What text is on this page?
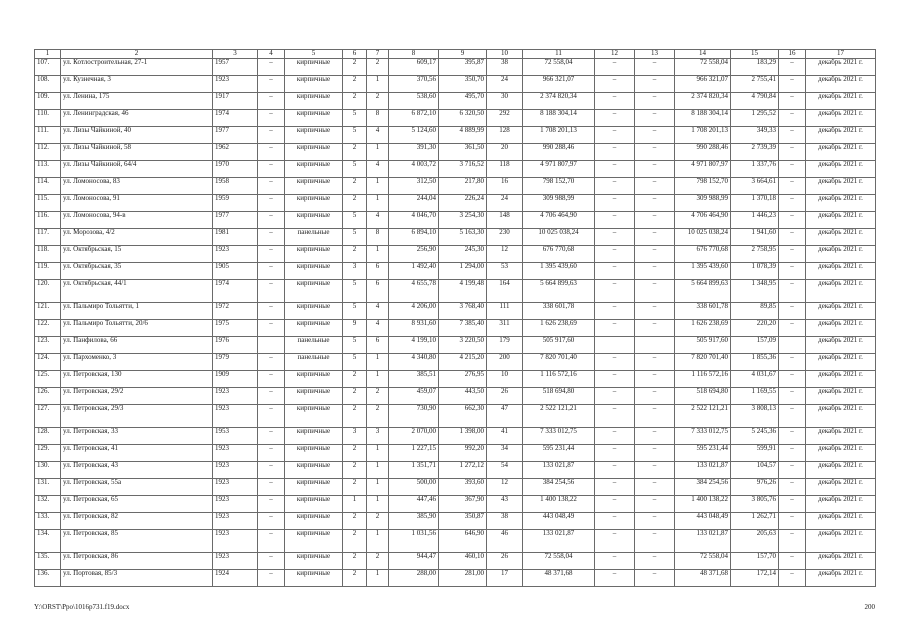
1	2	3	4	5	6	7	8	9	10	11	12	13	14	15	16	17
107.	ул. Котлостроительная, 27-1	1957	–	кирпичные	2	2	609,17	395,87	38	72 558,04	–	–	72 558,04	183,29	–	декабрь 2021 г.
108.	ул. Кузнечная, 3	1923	–	кирпичные	2	1	370,56	350,70	24	966 321,07	–	–	966 321,07	2 755,41	–	декабрь 2021 г.
109.	ул. Ленина, 175	1917	–	кирпичные	2	2	538,60	495,70	30	2 374 820,34	–	–	2 374 820,34	4 790,84	–	декабрь 2021 г.
110.	ул. Ленинградская, 46	1974	–	кирпичные	5	8	6 872,10	6 320,50	292	8 188 304,14	–	–	8 188 304,14	1 295,52	–	декабрь 2021 г.
111.	ул. Лизы Чайкиной, 40	1977	–	кирпичные	5	4	5 124,60	4 889,99	128	1 708 201,13	–	–	1 708 201,13	349,33	–	декабрь 2021 г.
112.	ул. Лизы Чайкиной, 58	1962	–	кирпичные	2	1	391,30	361,50	20	990 288,46	–	–	990 288,46	2 739,39	–	декабрь 2021 г.
113.	ул. Лизы Чайкиной, 64/4	1970	–	кирпичные	5	4	4 003,72	3 716,52	118	4 971 807,97	–	–	4 971 807,97	1 337,76	–	декабрь 2021 г.
114.	ул. Ломоносова, 83	1958	–	кирпичные	2	1	312,50	217,80	16	798 152,70	–	–	798 152,70	3 664,61	–	декабрь 2021 г.
115.	ул. Ломоносова, 91	1959	–	кирпичные	2	1	244,04	226,24	24	309 988,99	–	–	309 988,99	1 370,18	–	декабрь 2021 г.
116.	ул. Ломоносова, 94-в	1977	–	кирпичные	5	4	4 046,70	3 254,30	148	4 706 464,90	–	–	4 706 464,90	1 446,23	–	декабрь 2021 г.
117.	ул. Морозова, 4/2	1981	–	панельные	5	8	6 894,10	5 163,30	230	10 025 038,24	–	–	10 025 038,24	1 941,60	–	декабрь 2021 г.
118.	ул. Октябрьская, 15	1923	–	кирпичные	2	1	256,90	245,30	12	676 770,68	–	–	676 770,68	2 758,95	–	декабрь 2021 г.
119.	ул. Октябрьская, 35	1905	–	кирпичные	3	6	1 492,40	1 294,00	53	1 395 439,60	–	–	1 395 439,60	1 078,39	–	декабрь 2021 г.
120.	ул. Октябрьская, 44/1	1974	–	кирпичные	5	6	4 655,78	4 199,48	164	5 664 899,63	–	–	5 664 899,63	1 348,95	–	декабрь 2021 г.
121.	ул. Пальмиро Тольятти, 1	1972	–	кирпичные	5	4	4 206,00	3 768,40	111	338 601,78	–	–	338 601,78	89,85	–	декабрь 2021 г.
122.	ул. Пальмиро Тольятти, 20/6	1975	–	кирпичные	9	4	8 931,60	7 385,40	311	1 626 238,69	–	–	1 626 238,69	220,20	–	декабрь 2021 г.
123.	ул. Панфилова, 66	1976		панельные	5	6	4 199,10	3 220,50	179	505 917,60			505 917,60	157,09		декабрь 2021 г.
124.	ул. Пархоменко, 3	1979	–	панельные	5	1	4 340,80	4 215,20	200	7 820 701,40	–	–	7 820 701,40	1 855,36	–	декабрь 2021 г.
125.	ул. Петровская, 130	1909	–	кирпичные	2	1	385,51	276,95	10	1 116 572,16	–	–	1 116 572,16	4 031,67	–	декабрь 2021 г.
126.	ул. Петровская, 29/2	1923	–	кирпичные	2	2	459,07	443,50	26	518 694,80	–	–	518 694,80	1 169,55	–	декабрь 2021 г.
127.	ул. Петровская, 29/3	1923	–	кирпичные	2	2	730,90	662,30	47	2 522 121,21	–	–	2 522 121,21	3 808,13	–	декабрь 2021 г.
128.	ул. Петровская, 33	1953	–	кирпичные	3	3	2 070,00	1 398,00	41	7 333 012,75	–	–	7 333 012,75	5 245,36	–	декабрь 2021 г.
129.	ул. Петровская, 41	1923	–	кирпичные	2	1	1 227,15	992,20	34	595 231,44	–	–	595 231,44	599,91	–	декабрь 2021 г.
130.	ул. Петровская, 43	1923	–	кирпичные	2	1	1 351,71	1 272,12	54	133 021,87	–	–	133 021,87	104,57	–	декабрь 2021 г.
131.	ул. Петровская, 55а	1923	–	кирпичные	2	1	500,00	393,60	12	384 254,56	–	–	384 254,56	976,26	–	декабрь 2021 г.
132.	ул. Петровская, 65	1923	–	кирпичные	1	1	447,46	367,90	43	1 400 138,22	–	–	1 400 138,22	3 805,76	–	декабрь 2021 г.
133.	ул. Петровская, 82	1923	–	кирпичные	2	2	385,90	350,87	38	443 048,49	–	–	443 048,49	1 262,71	–	декабрь 2021 г.
134.	ул. Петровская, 85	1923	–	кирпичные	2	1	1 031,56	646,90	46	133 021,87	–	–	133 021,87	205,63	–	декабрь 2021 г.
135.	ул. Петровская, 86	1923	–	кирпичные	2	2	944,47	460,10	26	72 558,04	–	–	72 558,04	157,70	–	декабрь 2021 г.
136.	ул. Портовая, 85/3	1924	–	кирпичные	2	1	288,00	281,00	17	48 371,68	–	–	48 371,68	172,14	–	декабрь 2021 г.
Y:\ORST\Ppo\1016p731.f19.docx	200
